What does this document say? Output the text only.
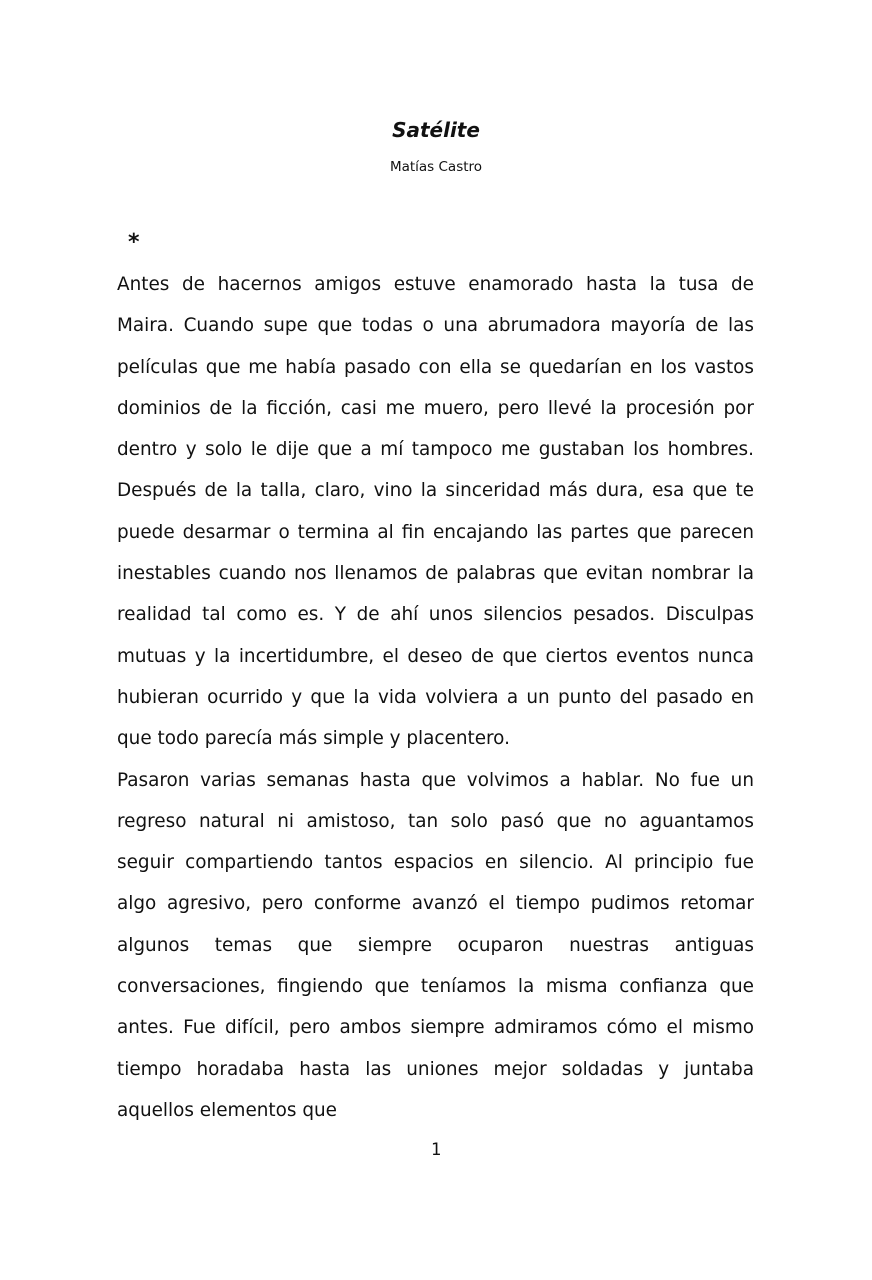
Satélite
Matías Castro
*

Antes de hacernos amigos estuve enamorado hasta la tusa de Maira. Cuando supe que todas o una abrumadora mayoría de las películas que me había pasado con ella se quedarían en los vastos dominios de la ficción, casi me muero, pero llevé la procesión por dentro y solo le dije que a mí tampoco me gustaban los hombres. Después de la talla, claro, vino la sinceridad más dura, esa que te puede desarmar o termina al fin encajando las partes que parecen inestables cuando nos llenamos de palabras que evitan nombrar la realidad tal como es. Y de ahí unos silencios pesados. Disculpas mutuas y la incertidumbre, el deseo de que ciertos eventos nunca hubieran ocurrido y que la vida volviera a un punto del pasado en que todo parecía más simple y placentero.

Pasaron varias semanas hasta que volvimos a hablar. No fue un regreso natural ni amistoso, tan solo pasó que no aguantamos seguir compartiendo tantos espacios en silencio. Al principio fue algo agresivo, pero conforme avanzó el tiempo pudimos retomar algunos temas que siempre ocuparon nuestras antiguas conversaciones, fingiendo que teníamos la misma confianza que antes. Fue difícil, pero ambos siempre admiramos cómo el mismo tiempo horadaba hasta las uniones mejor soldadas y juntaba aquellos elementos que

1
